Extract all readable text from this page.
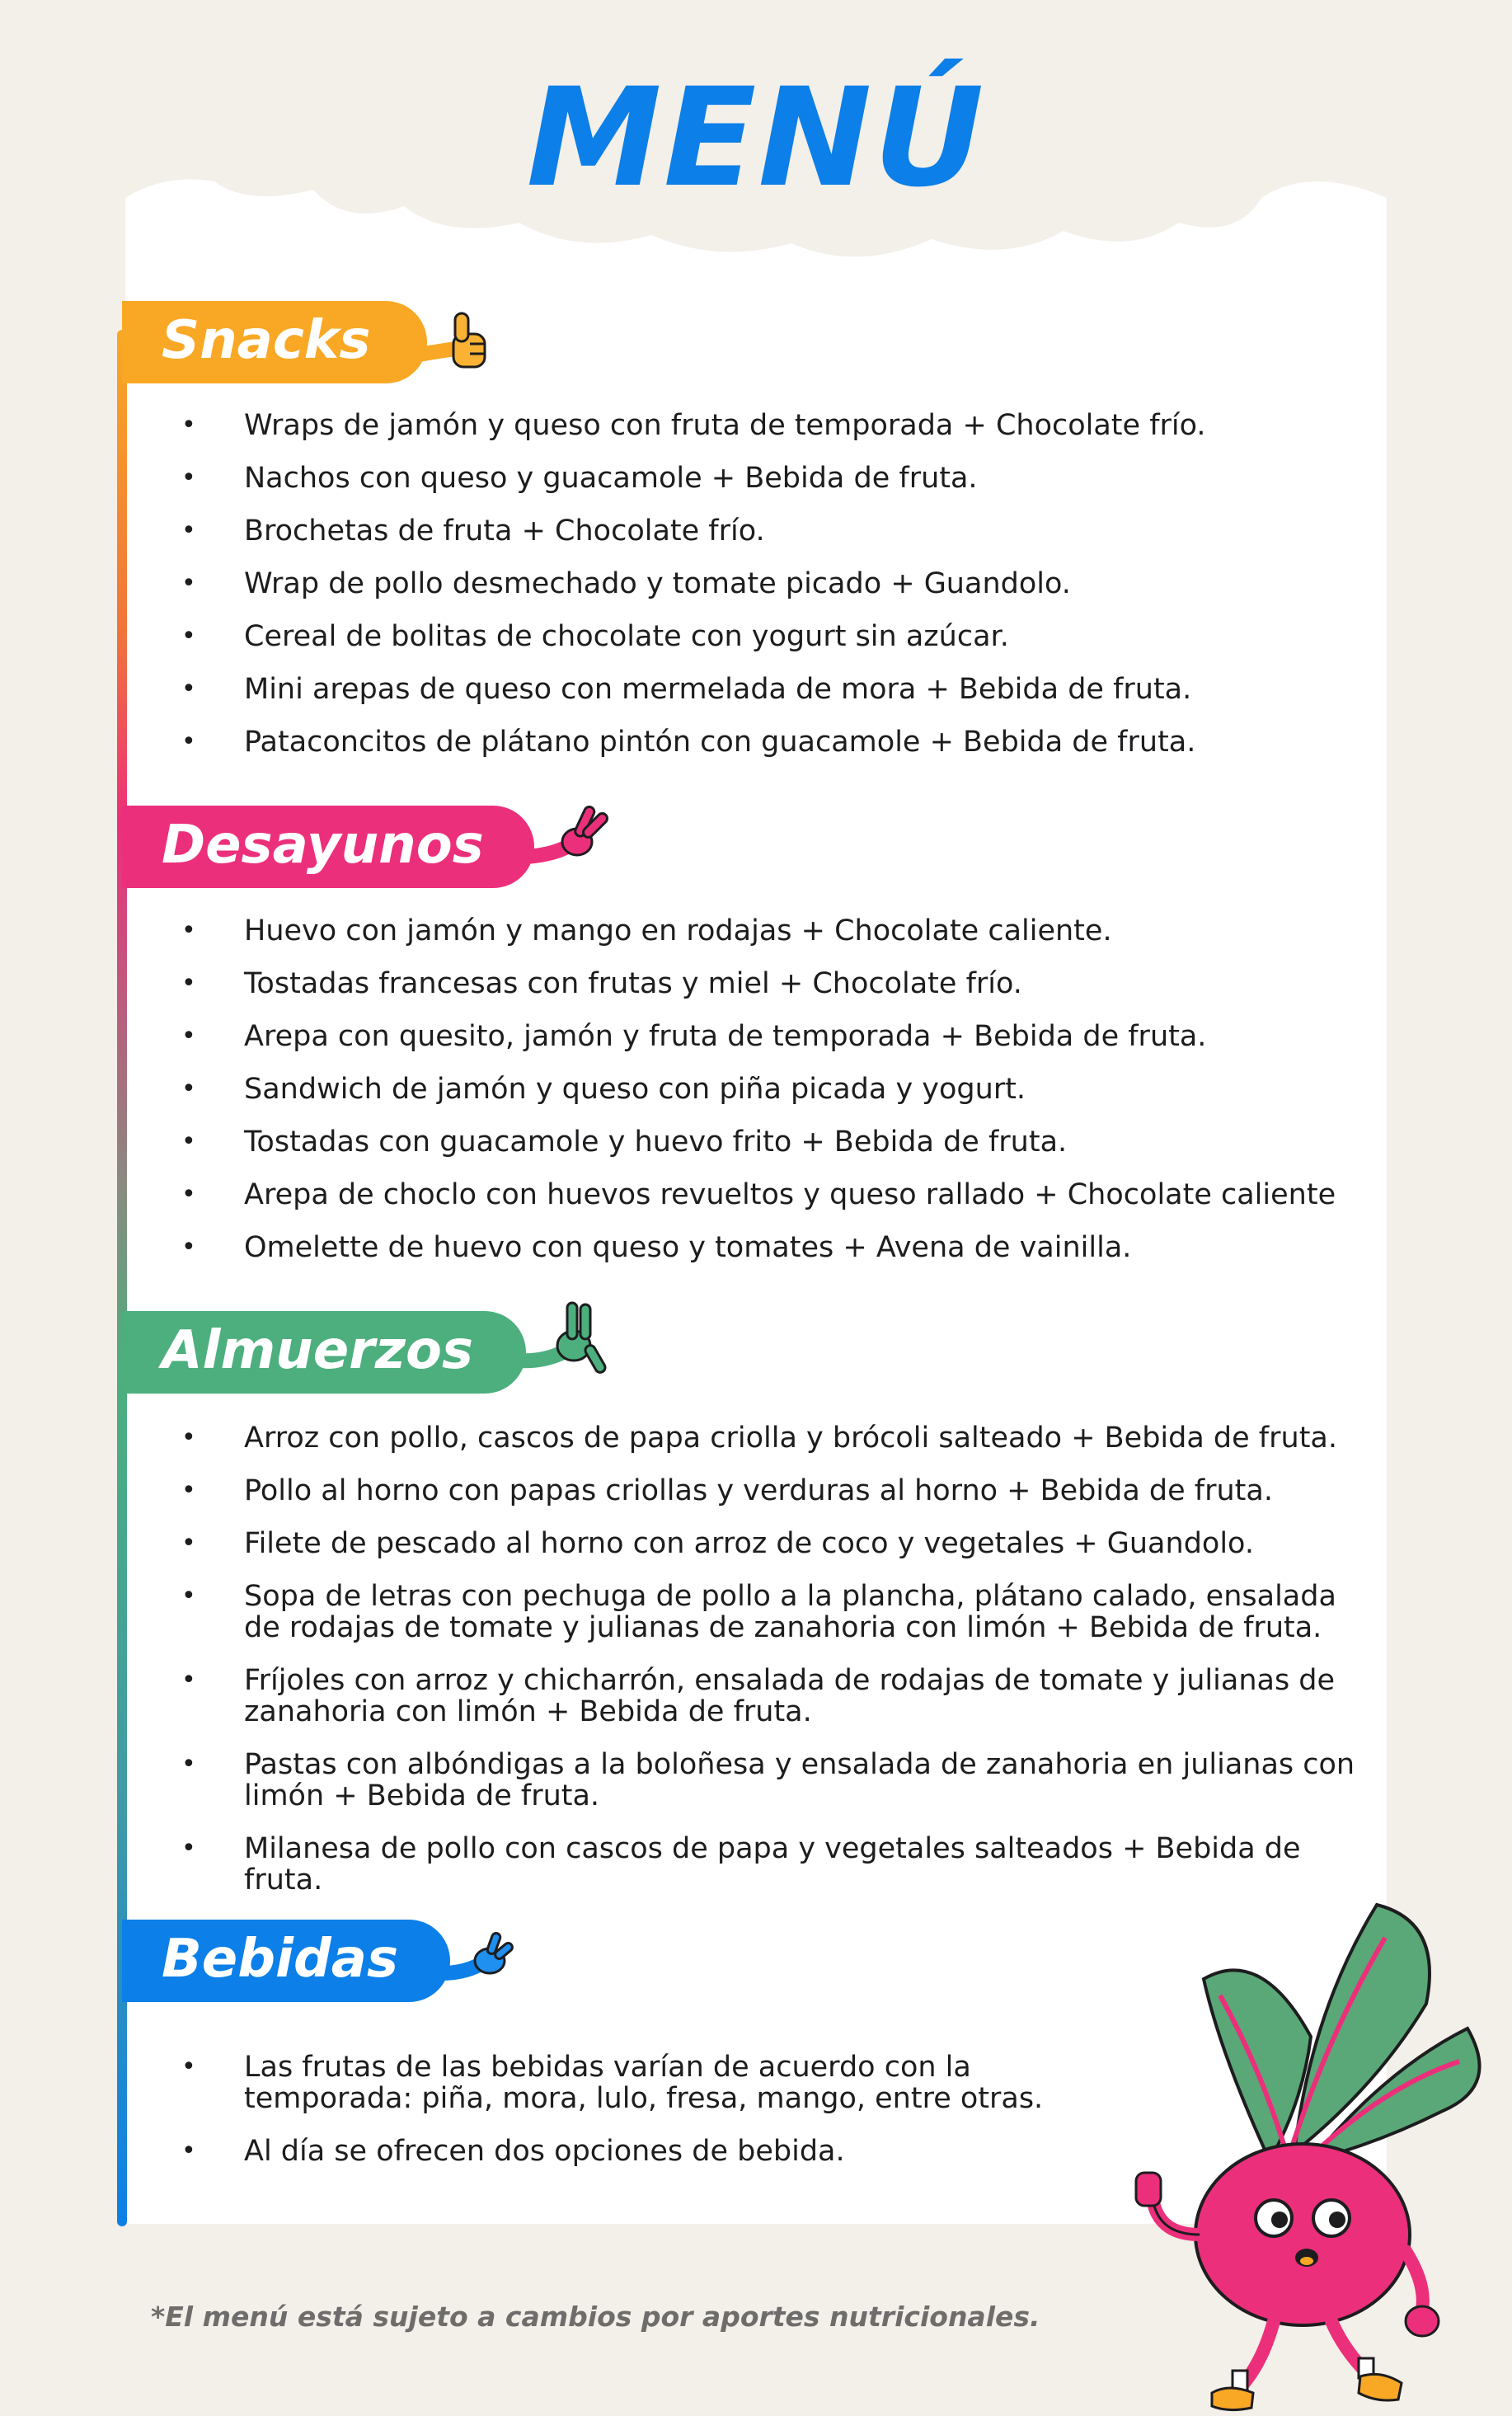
MENÚ
Snacks
• Wraps de jamón y queso con fruta de temporada + Chocolate frío.
• Nachos con queso y guacamole + Bebida de fruta.
• Brochetas de fruta + Chocolate frío.
• Wrap de pollo desmechado y tomate picado + Guandolo.
• Cereal de bolitas de chocolate con yogurt sin azúcar.
• Mini arepas de queso con mermelada de mora + Bebida de fruta.
• Pataconcitos de plátano pintón con guacamole + Bebida de fruta.
Desayunos
• Huevo con jamón y mango en rodajas + Chocolate caliente.
• Tostadas francesas con frutas y miel + Chocolate frío.
• Arepa con quesito, jamón y fruta de temporada + Bebida de fruta.
• Sandwich de jamón y queso con piña picada y yogurt.
• Tostadas con guacamole y huevo frito + Bebida de fruta.
• Arepa de choclo con huevos revueltos y queso rallado + Chocolate caliente
• Omelette de huevo con queso y tomates + Avena de vainilla.
Almuerzos
• Arroz con pollo, cascos de papa criolla y brócoli salteado + Bebida de fruta.
• Pollo al horno con papas criollas y verduras al horno + Bebida de fruta.
• Filete de pescado al horno con arroz de coco y vegetales + Guandolo.
• Sopa de letras con pechuga de pollo a la plancha, plátano calado, ensalada de rodajas de tomate y julianas de zanahoria con limón + Bebida de fruta.
• Fríjoles con arroz y chicharrón, ensalada de rodajas de tomate y julianas de zanahoria con limón + Bebida de fruta.
• Pastas con albóndigas a la boloñesa y ensalada de zanahoria en julianas con limón + Bebida de fruta.
• Milanesa de pollo con cascos de papa y vegetales salteados + Bebida de fruta.
Bebidas
• Las frutas de las bebidas varían de acuerdo con la temporada: piña, mora, lulo, fresa, mango, entre otras.
• Al día se ofrecen dos opciones de bebida.
*El menú está sujeto a cambios por aportes nutricionales.
